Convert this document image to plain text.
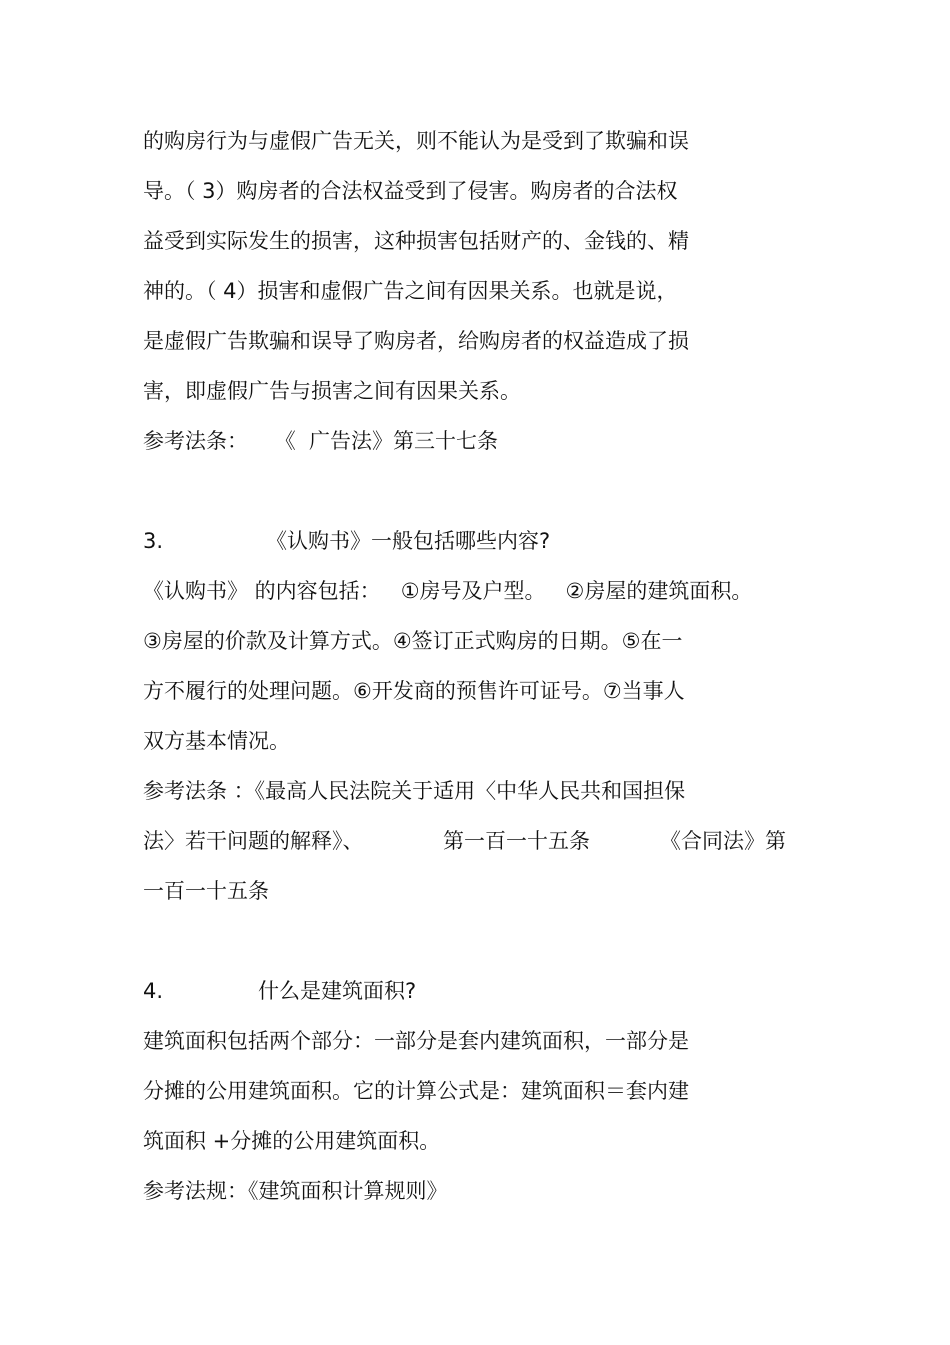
的购房行为与虚假广告无关，则不能认为是受到了欺骗和误
导。（ 3）购房者的合法权益受到了侵害。购房者的合法权
益受到实际发生的损害，这种损害包括财产的、金钱的、精
神的。（ 4）损害和虚假广告之间有因果关系。也就是说，
是虚假广告欺骗和误导了购房者，给购房者的权益造成了损
害，即虚假广告与损害之间有因果关系。
参考法条：    《  广告法》第三十七条
3.	《认购书》一般包括哪些内容?
《认购书》 的内容包括：   ①房号及户型。   ②房屋的建筑面积。
③房屋的价款及计算方式。④签订正式购房的日期。⑤在一
方不履行的处理问题。⑥开发商的预售许可证号。⑦当事人
双方基本情况。
参考法条 ：《最高人民法院关于适用〈中华人民共和国担保
法〉若干问题的解释》、	第一百一十五条	《合同法》第
一百一十五条
4.	什么是建筑面积?
建筑面积包括两个部分：一部分是套内建筑面积，一部分是
分摊的公用建筑面积。它的计算公式是：建筑面积＝套内建
筑面积 +分摊的公用建筑面积。
参考法规：《建筑面积计算规则》
